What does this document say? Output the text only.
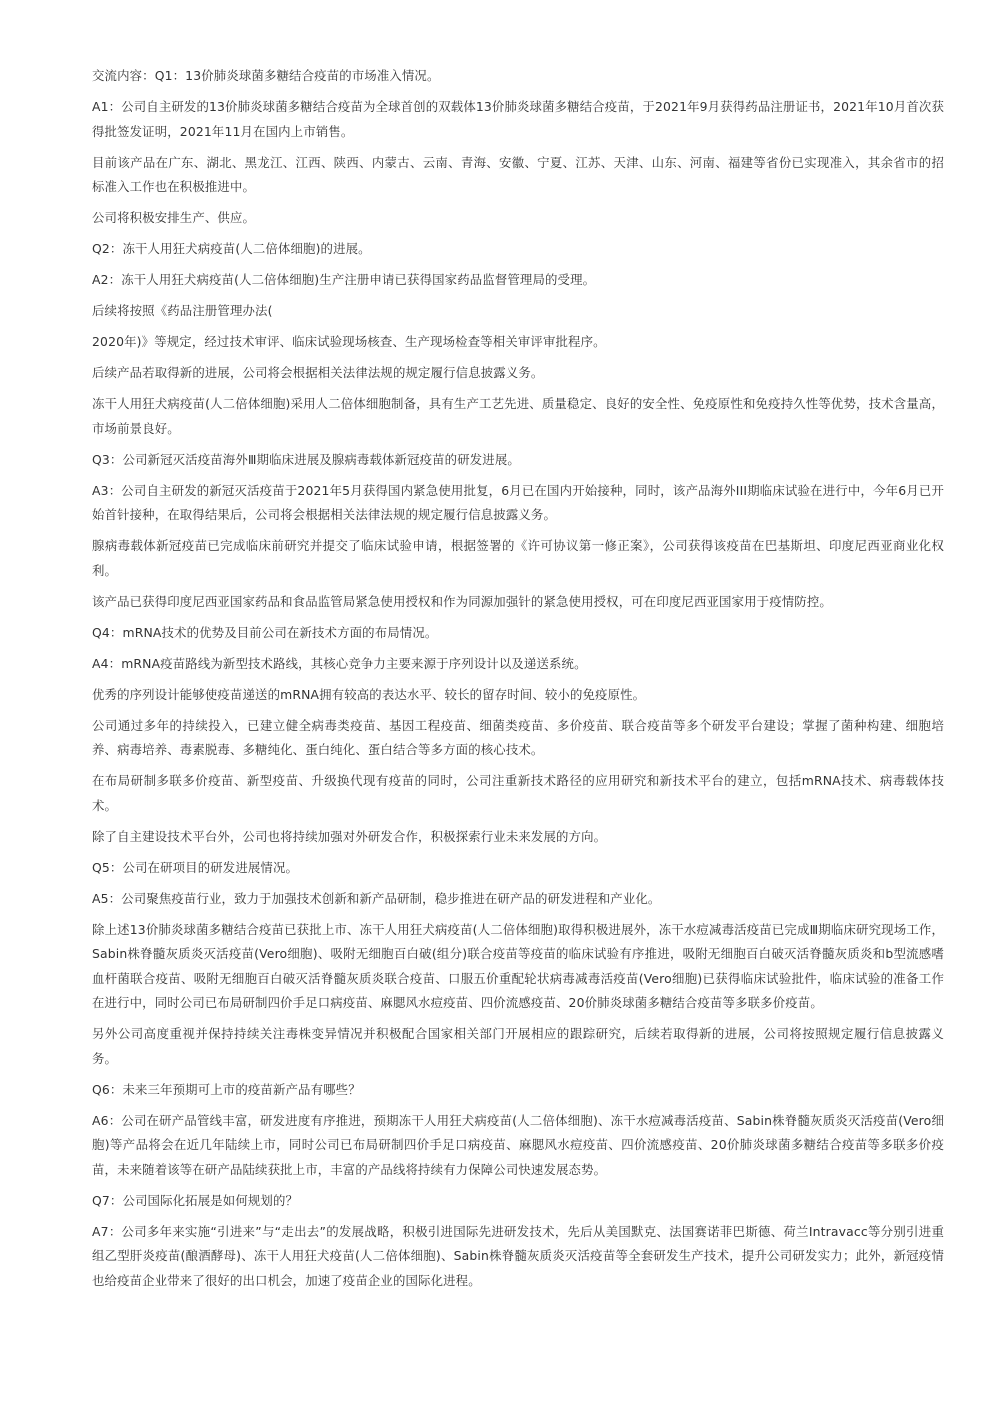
交流内容：Q1：13价肺炎球菌多糖结合疫苗的市场准入情况。

A1：公司自主研发的13价肺炎球菌多糖结合疫苗为全球首创的双载体13价肺炎球菌多糖结合疫苗，于2021年9月获得药品注册证书，2021年10月首次获得批签发证明，2021年11月在国内上市销售。

目前该产品在广东、湖北、黑龙江、江西、陕西、内蒙古、云南、青海、安徽、宁夏、江苏、天津、山东、河南、福建等省份已实现准入，其余省市的招标准入工作也在积极推进中。

公司将积极安排生产、供应。

Q2：冻干人用狂犬病疫苗(人二倍体细胞)的进展。

A2：冻干人用狂犬病疫苗(人二倍体细胞)生产注册申请已获得国家药品监督管理局的受理。

后续将按照《药品注册管理办法(

2020年)》等规定，经过技术审评、临床试验现场核查、生产现场检查等相关审评审批程序。

后续产品若取得新的进展，公司将会根据相关法律法规的规定履行信息披露义务。

冻干人用狂犬病疫苗(人二倍体细胞)采用人二倍体细胞制备，具有生产工艺先进、质量稳定、良好的安全性、免疫原性和免疫持久性等优势，技术含量高，市场前景良好。

Q3：公司新冠灭活疫苗海外Ⅲ期临床进展及腺病毒载体新冠疫苗的研发进展。

A3：公司自主研发的新冠灭活疫苗于2021年5月获得国内紧急使用批复，6月已在国内开始接种，同时，该产品海外III期临床试验在进行中，今年6月已开始首针接种，在取得结果后，公司将会根据相关法律法规的规定履行信息披露义务。

腺病毒载体新冠疫苗已完成临床前研究并提交了临床试验申请，根据签署的《许可协议第一修正案》，公司获得该疫苗在巴基斯坦、印度尼西亚商业化权利。

该产品已获得印度尼西亚国家药品和食品监管局紧急使用授权和作为同源加强针的紧急使用授权，可在印度尼西亚国家用于疫情防控。

Q4：mRNA技术的优势及目前公司在新技术方面的布局情况。

A4：mRNA疫苗路线为新型技术路线，其核心竞争力主要来源于序列设计以及递送系统。

优秀的序列设计能够使疫苗递送的mRNA拥有较高的表达水平、较长的留存时间、较小的免疫原性。

公司通过多年的持续投入，已建立健全病毒类疫苗、基因工程疫苗、细菌类疫苗、多价疫苗、联合疫苗等多个研发平台建设；掌握了菌种构建、细胞培养、病毒培养、毒素脱毒、多糖纯化、蛋白纯化、蛋白结合等多方面的核心技术。

在布局研制多联多价疫苗、新型疫苗、升级换代现有疫苗的同时，公司注重新技术路径的应用研究和新技术平台的建立，包括mRNA技术、病毒载体技术。

除了自主建设技术平台外，公司也将持续加强对外研发合作，积极探索行业未来发展的方向。

Q5：公司在研项目的研发进展情况。

A5：公司聚焦疫苗行业，致力于加强技术创新和新产品研制，稳步推进在研产品的研发进程和产业化。

除上述13价肺炎球菌多糖结合疫苗已获批上市、冻干人用狂犬病疫苗(人二倍体细胞)取得积极进展外，冻干水痘减毒活疫苗已完成Ⅲ期临床研究现场工作，Sabin株脊髓灰质炎灭活疫苗(Vero细胞)、吸附无细胞百白破(组分)联合疫苗等疫苗的临床试验有序推进，吸附无细胞百白破灭活脊髓灰质炎和b型流感嗜血杆菌联合疫苗、吸附无细胞百白破灭活脊髓灰质炎联合疫苗、口服五价重配轮状病毒减毒活疫苗(Vero细胞)已获得临床试验批件，临床试验的准备工作在进行中，同时公司已布局研制四价手足口病疫苗、麻腮风水痘疫苗、四价流感疫苗、20价肺炎球菌多糖结合疫苗等多联多价疫苗。

另外公司高度重视并保持持续关注毒株变异情况并积极配合国家相关部门开展相应的跟踪研究，后续若取得新的进展，公司将按照规定履行信息披露义务。

Q6：未来三年预期可上市的疫苗新产品有哪些？

A6：公司在研产品管线丰富，研发进度有序推进，预期冻干人用狂犬病疫苗(人二倍体细胞)、冻干水痘减毒活疫苗、Sabin株脊髓灰质炎灭活疫苗(Vero细胞)等产品将会在近几年陆续上市，同时公司已布局研制四价手足口病疫苗、麻腮风水痘疫苗、四价流感疫苗、20价肺炎球菌多糖结合疫苗等多联多价疫苗，未来随着该等在研产品陆续获批上市，丰富的产品线将持续有力保障公司快速发展态势。

Q7：公司国际化拓展是如何规划的？

A7：公司多年来实施“引进来”与“走出去”的发展战略，积极引进国际先进研发技术，先后从美国默克、法国赛诺菲巴斯德、荷兰Intravacc等分别引进重组乙型肝炎疫苗(酿酒酵母)、冻干人用狂犬疫苗(人二倍体细胞)、Sabin株脊髓灰质炎灭活疫苗等全套研发生产技术，提升公司研发实力；此外，新冠疫情也给疫苗企业带来了很好的出口机会，加速了疫苗企业的国际化进程。
